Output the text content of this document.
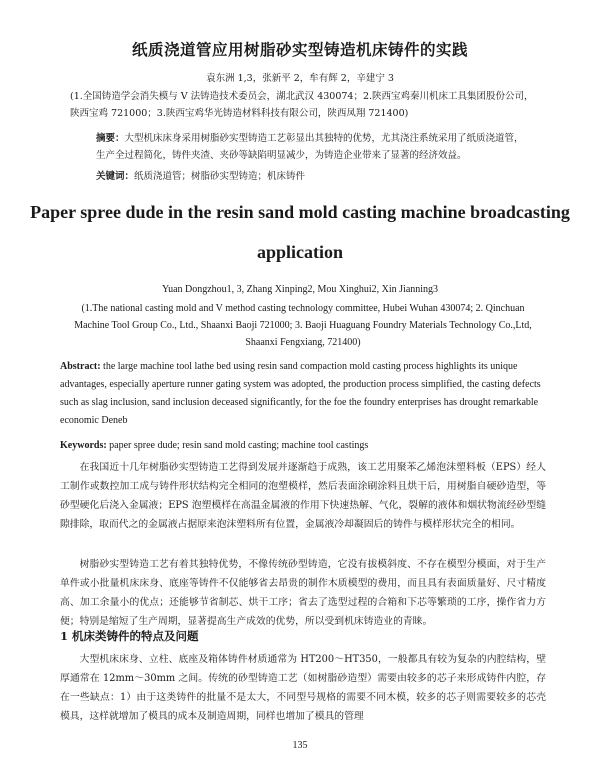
纸质浇道管应用树脂砂实型铸造机床铸件的实践
袁东洲 1,3，张新平 2，牟有辉 2，辛建宁 3
(1.全国铸造学会消失模与 V 法铸造技术委员会，湖北武汉 430074；2.陕西宝鸡秦川机床工具集团股份公司，陕西宝鸡 721000；3.陕西宝鸡华光铸造材料科技有限公司，陕西凤翔 721400)
摘要：大型机床床身采用树脂砂实型铸造工艺彰显出其独特的优势，尤其浇注系统采用了纸质浇道管，生产全过程简化，铸件夹渣、夹砂等缺陷明显减少，为铸造企业带来了显著的经济效益。
关键词：纸质浇道管；树脂砂实型铸造；机床铸件
Paper spree dude in the resin sand mold casting machine broadcasting application
Yuan Dongzhou1, 3, Zhang Xinping2, Mou Xinghui2, Xin Jianning3
(1.The national casting mold and V method casting technology committee, Hubei Wuhan 430074; 2. Qinchuan Machine Tool Group Co., Ltd., Shaanxi Baoji 721000; 3. Baoji Huaguang Foundry Materials Technology Co.,Ltd, Shaanxi Fengxiang, 721400)
Abstract: the large machine tool lathe bed using resin sand compaction mold casting process highlights its unique advantages, especially aperture runner gating system was adopted, the production process simplified, the casting defects such as slag inclusion, sand inclusion deceased significantly, for the foe the foundry enterprises has drought remarkable economic Deneb
Keywords: paper spree dude; resin sand mold casting; machine tool castings
在我国近十几年树脂砂实型铸造工艺得到发展并逐渐趋于成熟，该工艺用聚苯乙烯泡沫塑料板（EPS）经人工制作或数控加工成与铸件形状结构完全相同的泡塑模样，然后表面涂刷涂料且烘干后，用树脂自硬砂造型，等砂型硬化后浇入金属液；EPS 泡塑模样在高温金属液的作用下快速热解、气化，裂解的液体和烟状物流经砂型缝隙排除，取而代之的金属液占据原来泡沫塑料所有位置，金属液冷却凝固后的铸件与模样形状完全的相同。
树脂砂实型铸造工艺有着其独特优势，不像传统砂型铸造，它没有拔模斜度、不存在模型分模面，对于生产单件或小批量机床床身、底座等铸件不仅能够省去昂贵的制作木质模型的费用，而且具有表面质量好、尺寸精度高、加工余量小的优点；还能够节省制芯、烘干工序；省去了选型过程的合箱和下芯等繁琐的工序，操作省力方便；特别是缩短了生产周期，显著提高生产成效的优势，所以受到机床铸造业的青睐。
1 机床类铸件的特点及问题
大型机床床身、立柱、底座及箱体铸件材质通常为 HT200～HT350，一般都具有较为复杂的内腔结构，壁厚通常在 12mm～30mm 之间。传统的砂型铸造工艺（如树脂砂造型）需要由较多的芯子来形成铸件内腔，存在一些缺点：1）由于这类铸件的批量不是太大，不同型号规格的需要不同木模，较多的芯子则需要较多的芯壳模具，这样就增加了模具的成本及制造周期，同样也增加了模具的管理
135
